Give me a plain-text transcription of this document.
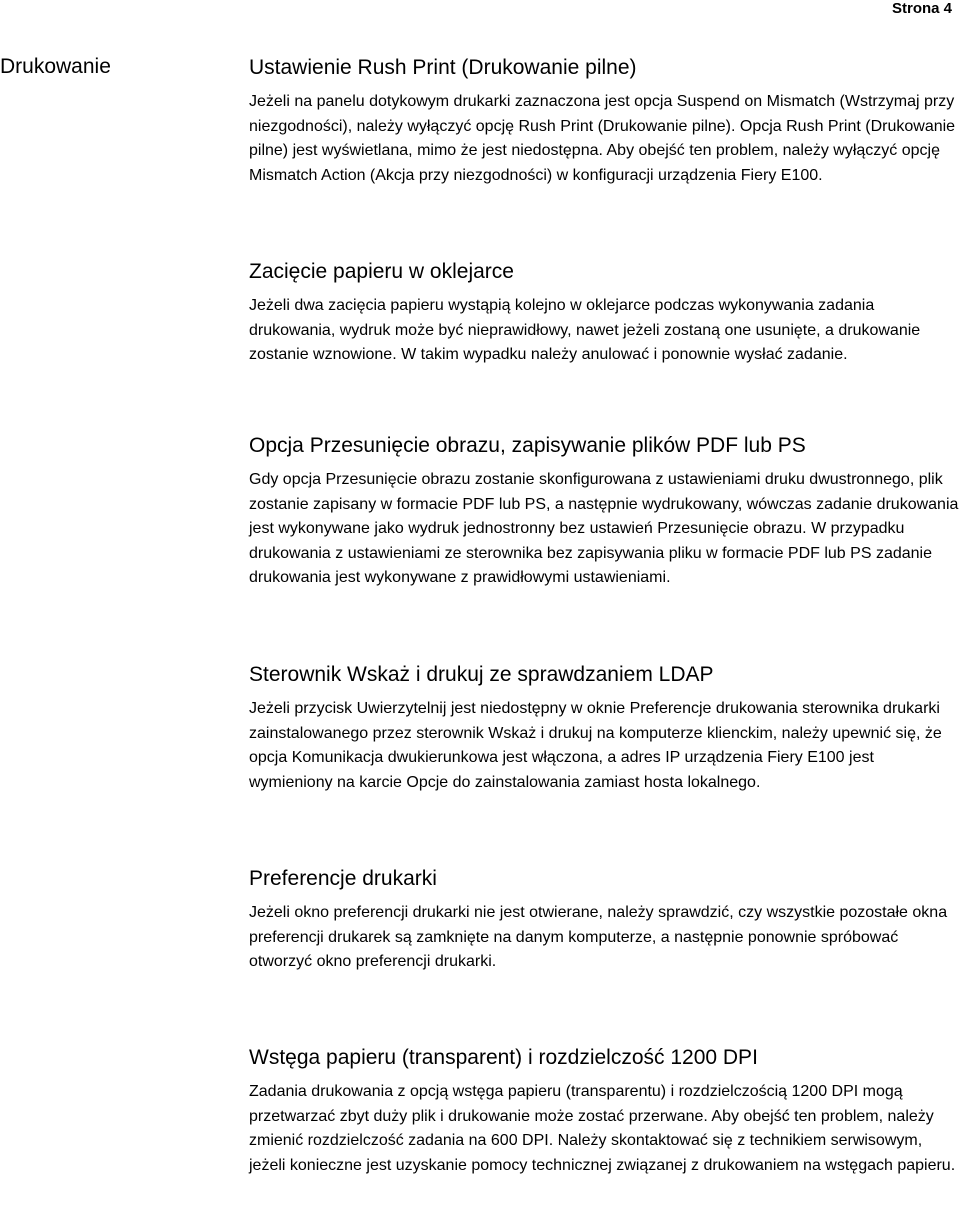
Strona 4
Drukowanie	Ustawienie Rush Print (Drukowanie pilne)

Jeżeli na panelu dotykowym drukarki zaznaczona jest opcja Suspend on Mismatch (Wstrzymaj przy niezgodności), należy wyłączyć opcję Rush Print (Drukowanie pilne). Opcja Rush Print (Drukowanie pilne) jest wyświetlana, mimo że jest niedostępna. Aby obejść ten problem, należy wyłączyć opcję Mismatch Action (Akcja przy niezgodności) w konfiguracji urządzenia Fiery E100.

Zacięcie papieru w oklejarce

Jeżeli dwa zacięcia papieru wystąpią kolejno w oklejarce podczas wykonywania zadania drukowania, wydruk może być nieprawidłowy, nawet jeżeli zostaną one usunięte, a drukowanie zostanie wznowione. W takim wypadku należy anulować i ponownie wysłać zadanie.

Opcja Przesunięcie obrazu, zapisywanie plików PDF lub PS

Gdy opcja Przesunięcie obrazu zostanie skonfigurowana z ustawieniami druku dwustronnego, plik zostanie zapisany w formacie PDF lub PS, a następnie wydrukowany, wówczas zadanie drukowania jest wykonywane jako wydruk jednostronny bez ustawień Przesunięcie obrazu. W przypadku drukowania z ustawieniami ze sterownika bez zapisywania pliku w formacie PDF lub PS zadanie drukowania jest wykonywane z prawidłowymi ustawieniami.

Sterownik Wskaż i drukuj ze sprawdzaniem LDAP

Jeżeli przycisk Uwierzytelnij jest niedostępny w oknie Preferencje drukowania sterownika drukarki zainstalowanego przez sterownik Wskaż i drukuj na komputerze klienckim, należy upewnić się, że opcja Komunikacja dwukierunkowa jest włączona, a adres IP urządzenia Fiery E100 jest wymieniony na karcie Opcje do zainstalowania zamiast hosta lokalnego.

Preferencje drukarki

Jeżeli okno preferencji drukarki nie jest otwierane, należy sprawdzić, czy wszystkie pozostałe okna preferencji drukarek są zamknięte na danym komputerze, a następnie ponownie spróbować otworzyć okno preferencji drukarki.

Wstęga papieru (transparent) i rozdzielczość 1200 DPI

Zadania drukowania z opcją wstęga papieru (transparentu) i rozdzielczością 1200 DPI mogą przetwarzać zbyt duży plik i drukowanie może zostać przerwane. Aby obejść ten problem, należy zmienić rozdzielczość zadania na 600 DPI. Należy skontaktować się z technikiem serwisowym, jeżeli konieczne jest uzyskanie pomocy technicznej związanej z drukowaniem na wstęgach papieru.
